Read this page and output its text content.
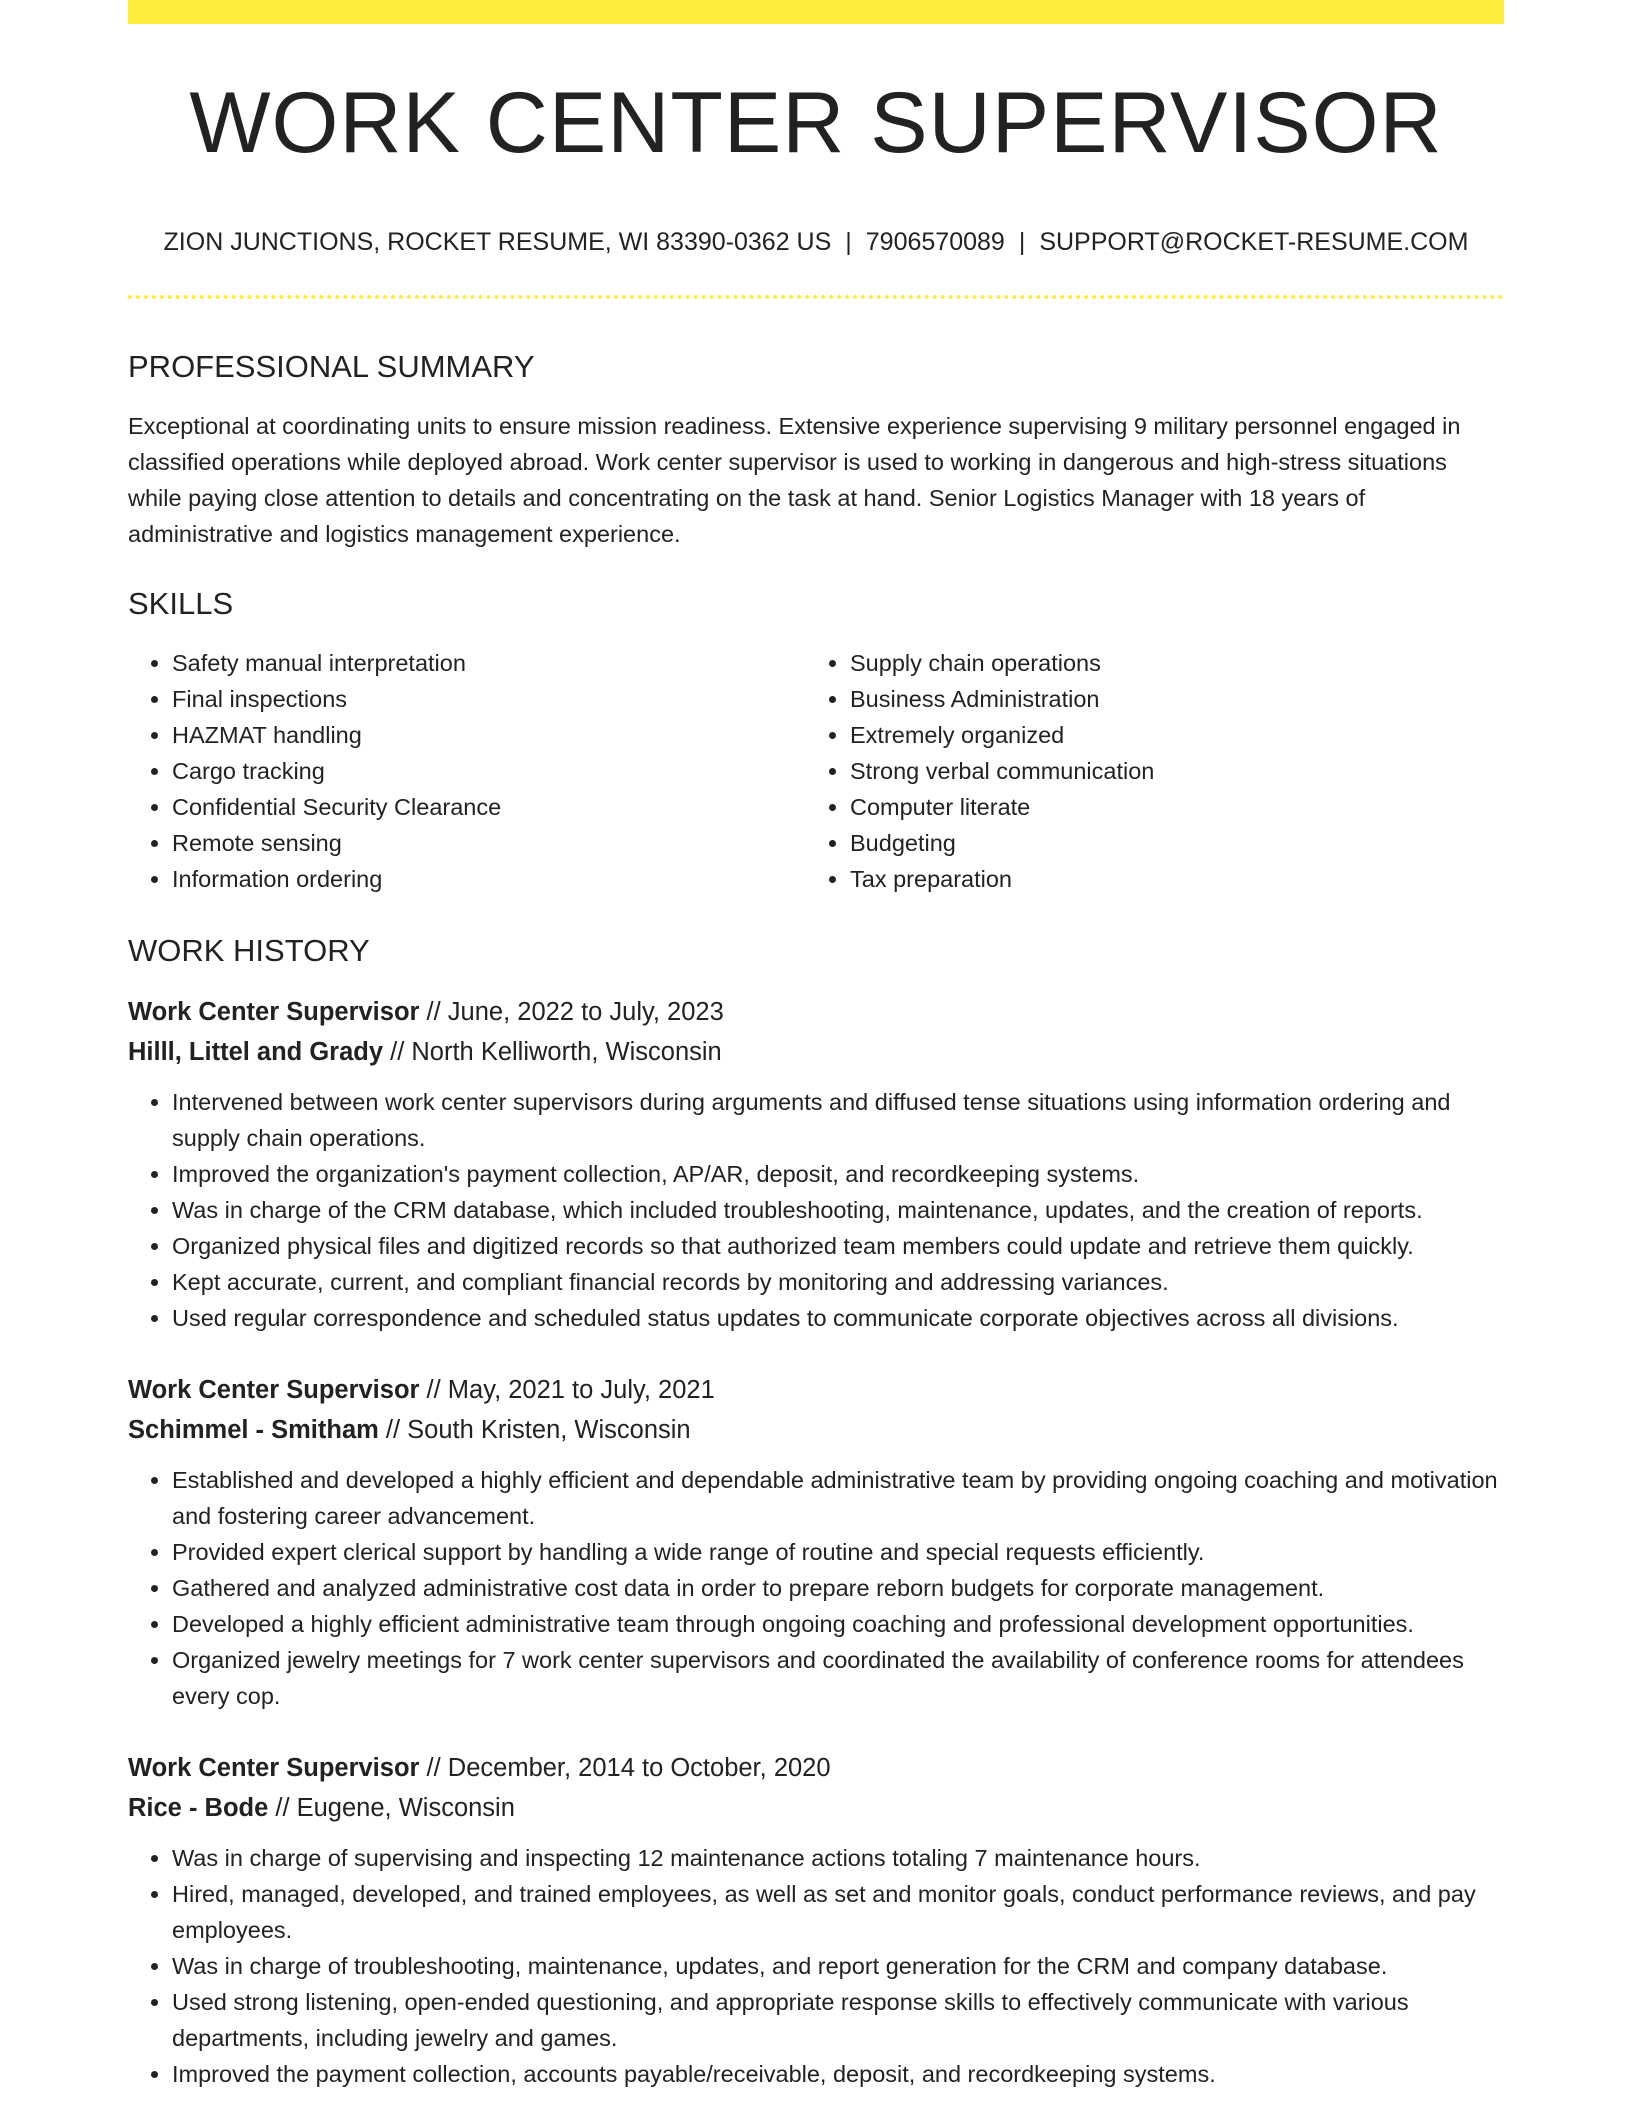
WORK CENTER SUPERVISOR
ZION JUNCTIONS, ROCKET RESUME, WI 83390-0362 US | 7906570089 | SUPPORT@ROCKET-RESUME.COM
PROFESSIONAL SUMMARY

Exceptional at coordinating units to ensure mission readiness. Extensive experience supervising 9 military personnel engaged in classified operations while deployed abroad. Work center supervisor is used to working in dangerous and high-stress situations while paying close attention to details and concentrating on the task at hand. Senior Logistics Manager with 18 years of administrative and logistics management experience.

SKILLS
• Safety manual interpretation
• Final inspections
• HAZMAT handling
• Cargo tracking
• Confidential Security Clearance
• Remote sensing
• Information ordering
• Supply chain operations
• Business Administration
• Extremely organized
• Strong verbal communication
• Computer literate
• Budgeting
• Tax preparation
WORK HISTORY
Work Center Supervisor // June, 2022 to July, 2023
Hilll, Littel and Grady // North Kelliworth, Wisconsin
• Intervened between work center supervisors during arguments and diffused tense situations using information ordering and supply chain operations.
• Improved the organization's payment collection, AP/AR, deposit, and recordkeeping systems.
• Was in charge of the CRM database, which included troubleshooting, maintenance, updates, and the creation of reports.
• Organized physical files and digitized records so that authorized team members could update and retrieve them quickly.
• Kept accurate, current, and compliant financial records by monitoring and addressing variances.
• Used regular correspondence and scheduled status updates to communicate corporate objectives across all divisions.
Work Center Supervisor // May, 2021 to July, 2021
Schimmel - Smitham // South Kristen, Wisconsin
• Established and developed a highly efficient and dependable administrative team by providing ongoing coaching and motivation and fostering career advancement.
• Provided expert clerical support by handling a wide range of routine and special requests efficiently.
• Gathered and analyzed administrative cost data in order to prepare reborn budgets for corporate management.
• Developed a highly efficient administrative team through ongoing coaching and professional development opportunities.
• Organized jewelry meetings for 7 work center supervisors and coordinated the availability of conference rooms for attendees every cop.
Work Center Supervisor // December, 2014 to October, 2020
Rice - Bode // Eugene, Wisconsin
• Was in charge of supervising and inspecting 12 maintenance actions totaling 7 maintenance hours.
• Hired, managed, developed, and trained employees, as well as set and monitor goals, conduct performance reviews, and pay employees.
• Was in charge of troubleshooting, maintenance, updates, and report generation for the CRM and company database.
• Used strong listening, open-ended questioning, and appropriate response skills to effectively communicate with various departments, including jewelry and games.
• Improved the payment collection, accounts payable/receivable, deposit, and recordkeeping systems.
